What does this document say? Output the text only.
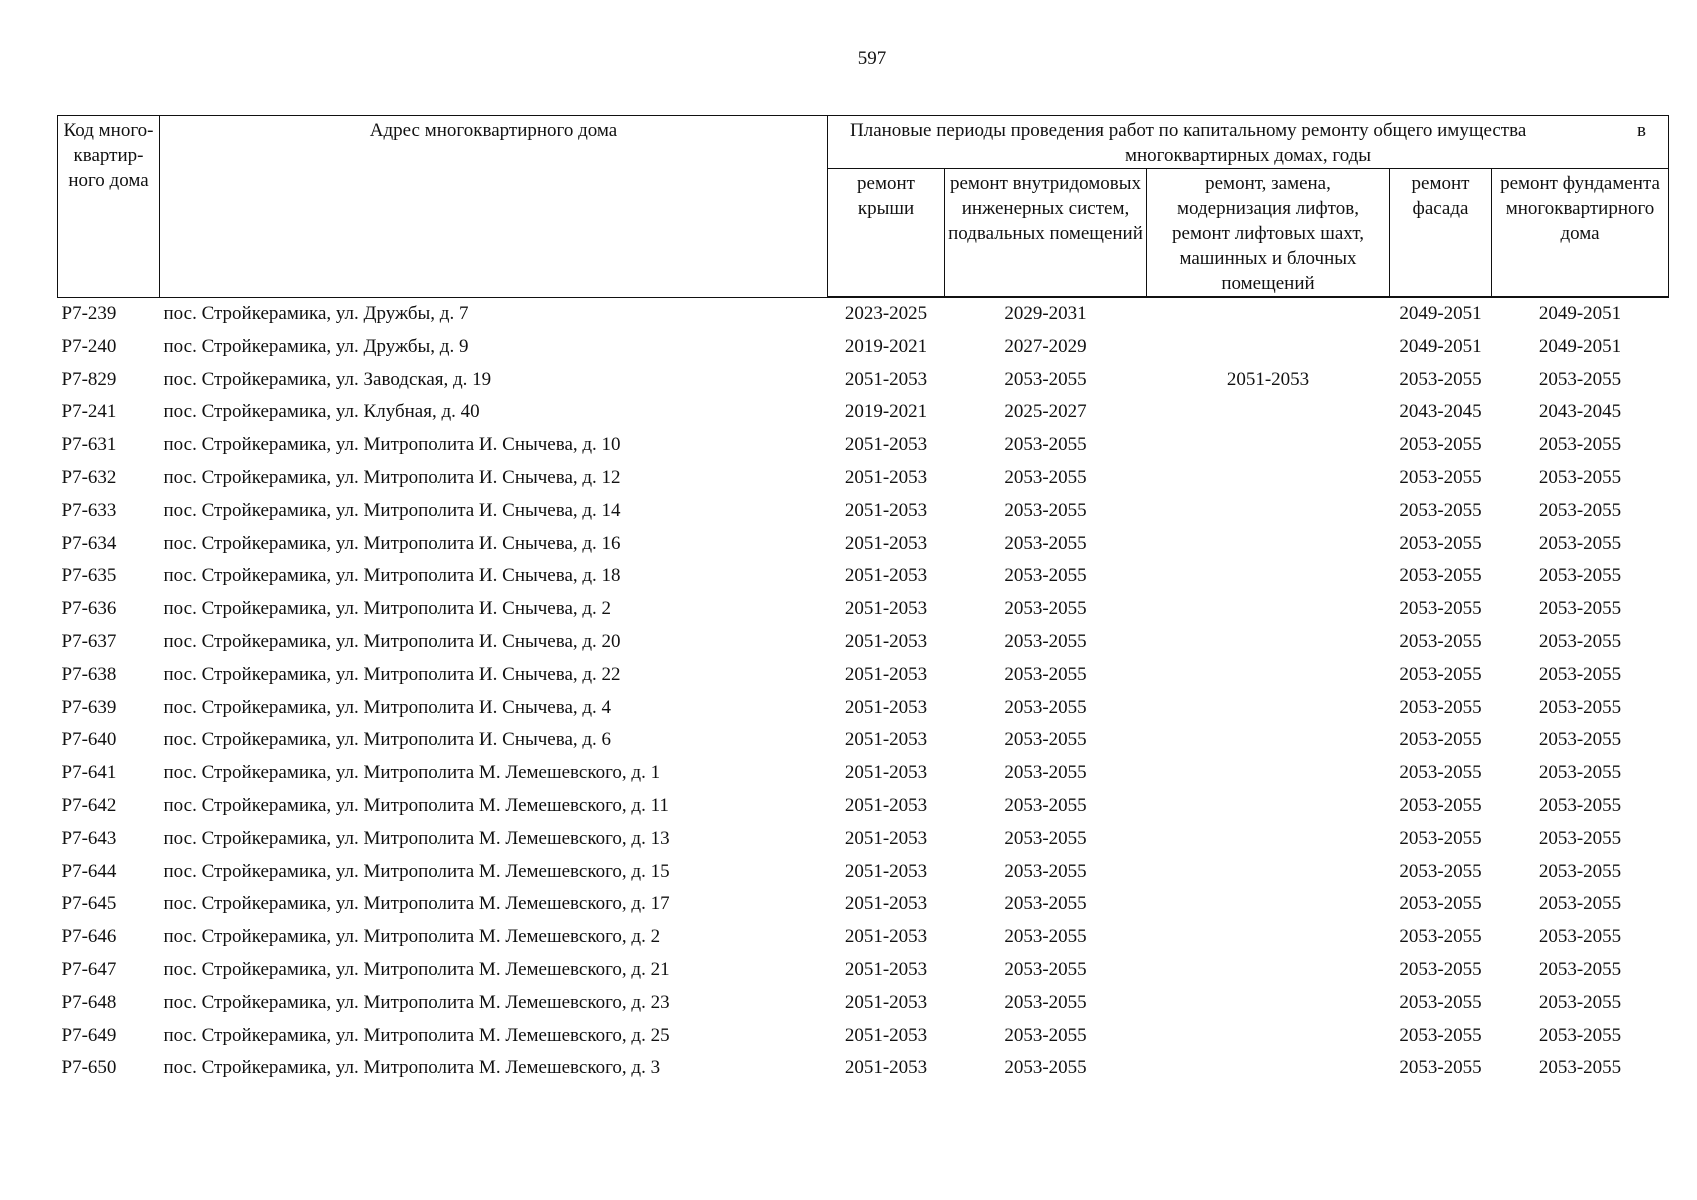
597
Код много-квартир-ного дома	Адрес многоквартирного дома	Плановые периоды проведения работ по капитальному ремонту общего имущества в
многоквартирных домах, годы				

		ремонт крыши	ремонт внутридомовых инженерных систем, подвальных помещений	ремонт, замена, модернизация лифтов, ремонт лифтовых шахт, машинных и блочных помещений	ремонт фасада	ремонт фундамента многоквартирного дома
Р7-239	пос. Стройкерамика, ул. Дружбы, д. 7	2023-2025	2029-2031		2049-2051	2049-2051
Р7-240	пос. Стройкерамика, ул. Дружбы, д. 9	2019-2021	2027-2029		2049-2051	2049-2051
Р7-829	пос. Стройкерамика, ул. Заводская, д. 19	2051-2053	2053-2055	2051-2053	2053-2055	2053-2055
Р7-241	пос. Стройкерамика, ул. Клубная, д. 40	2019-2021	2025-2027		2043-2045	2043-2045
Р7-631	пос. Стройкерамика, ул. Митрополита И. Снычева, д. 10	2051-2053	2053-2055		2053-2055	2053-2055
Р7-632	пос. Стройкерамика, ул. Митрополита И. Снычева, д. 12	2051-2053	2053-2055		2053-2055	2053-2055
Р7-633	пос. Стройкерамика, ул. Митрополита И. Снычева, д. 14	2051-2053	2053-2055		2053-2055	2053-2055
Р7-634	пос. Стройкерамика, ул. Митрополита И. Снычева, д. 16	2051-2053	2053-2055		2053-2055	2053-2055
Р7-635	пос. Стройкерамика, ул. Митрополита И. Снычева, д. 18	2051-2053	2053-2055		2053-2055	2053-2055
Р7-636	пос. Стройкерамика, ул. Митрополита И. Снычева, д. 2	2051-2053	2053-2055		2053-2055	2053-2055
Р7-637	пос. Стройкерамика, ул. Митрополита И. Снычева, д. 20	2051-2053	2053-2055		2053-2055	2053-2055
Р7-638	пос. Стройкерамика, ул. Митрополита И. Снычева, д. 22	2051-2053	2053-2055		2053-2055	2053-2055
Р7-639	пос. Стройкерамика, ул. Митрополита И. Снычева, д. 4	2051-2053	2053-2055		2053-2055	2053-2055
Р7-640	пос. Стройкерамика, ул. Митрополита И. Снычева, д. 6	2051-2053	2053-2055		2053-2055	2053-2055
Р7-641	пос. Стройкерамика, ул. Митрополита М. Лемешевского, д. 1	2051-2053	2053-2055		2053-2055	2053-2055
Р7-642	пос. Стройкерамика, ул. Митрополита М. Лемешевского, д. 11	2051-2053	2053-2055		2053-2055	2053-2055
Р7-643	пос. Стройкерамика, ул. Митрополита М. Лемешевского, д. 13	2051-2053	2053-2055		2053-2055	2053-2055
Р7-644	пос. Стройкерамика, ул. Митрополита М. Лемешевского, д. 15	2051-2053	2053-2055		2053-2055	2053-2055
Р7-645	пос. Стройкерамика, ул. Митрополита М. Лемешевского, д. 17	2051-2053	2053-2055		2053-2055	2053-2055
Р7-646	пос. Стройкерамика, ул. Митрополита М. Лемешевского, д. 2	2051-2053	2053-2055		2053-2055	2053-2055
Р7-647	пос. Стройкерамика, ул. Митрополита М. Лемешевского, д. 21	2051-2053	2053-2055		2053-2055	2053-2055
Р7-648	пос. Стройкерамика, ул. Митрополита М. Лемешевского, д. 23	2051-2053	2053-2055		2053-2055	2053-2055
Р7-649	пос. Стройкерамика, ул. Митрополита М. Лемешевского, д. 25	2051-2053	2053-2055		2053-2055	2053-2055
Р7-650	пос. Стройкерамика, ул. Митрополита М. Лемешевского, д. 3	2051-2053	2053-2055		2053-2055	2053-2055
